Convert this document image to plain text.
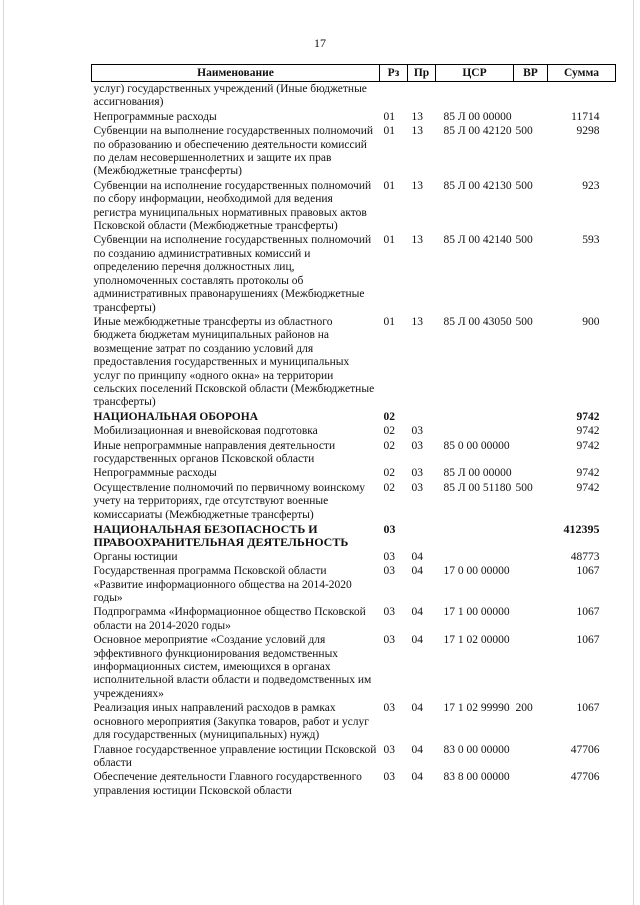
17
Наименование	Рз	Пр	ЦСР	ВР	Сумма
услуг) государственных учреждений (Иные бюджетные ассигнования)					
Непрограммные расходы	01	13	85 Л 00 00000		11714
Субвенции на выполнение государственных полномочий по образованию и обеспечению деятельности комиссий по делам несовершеннолетних и защите их прав (Межбюджетные трансферты)	01	13	85 Л 00 42120	500	9298
Субвенции на исполнение государственных полномочий по сбору информации, необходимой для ведения регистра муниципальных нормативных правовых актов Псковской области (Межбюджетные трансферты)	01	13	85 Л 00 42130	500	923
Субвенции на исполнение государственных полномочий по созданию административных комиссий и определению перечня должностных лиц, уполномоченных составлять протоколы об административных правонарушениях (Межбюджетные трансферты)	01	13	85 Л 00 42140	500	593
Иные межбюджетные трансферты из областного бюджета бюджетам муниципальных районов на возмещение затрат по созданию условий для предоставления государственных и муниципальных услуг по принципу «одного окна» на территории сельских поселений Псковской области (Межбюджетные трансферты)	01	13	85 Л 00 43050	500	900
НАЦИОНАЛЬНАЯ ОБОРОНА	02				9742
Мобилизационная и вневойсковая подготовка	02	03			9742
Иные непрограммные направления деятельности государственных органов Псковской области	02	03	85 0 00 00000		9742
Непрограммные расходы	02	03	85 Л 00 00000		9742
Осуществление полномочий по первичному воинскому учету на территориях, где отсутствуют военные комиссариаты (Межбюджетные трансферты)	02	03	85 Л 00 51180	500	9742
НАЦИОНАЛЬНАЯ БЕЗОПАСНОСТЬ И ПРАВООХРАНИТЕЛЬНАЯ ДЕЯТЕЛЬНОСТЬ	03				412395
Органы юстиции	03	04			48773
Государственная программа Псковской области «Развитие информационного общества на 2014-2020 годы»	03	04	17 0 00 00000		1067
Подпрограмма «Информационное общество Псковской области на 2014-2020 годы»	03	04	17 1 00 00000		1067
Основное мероприятие «Создание условий для эффективного функционирования ведомственных информационных систем, имеющихся в органах исполнительной власти области и подведомственных им учреждениях»	03	04	17 1 02 00000		1067
Реализация иных направлений расходов в рамках основного мероприятия (Закупка товаров, работ и услуг для государственных (муниципальных) нужд)	03	04	17 1 02 99990	200	1067
Главное государственное управление юстиции Псковской области	03	04	83 0 00 00000		47706
Обеспечение деятельности Главного государственного управления юстиции Псковской области	03	04	83 8 00 00000		47706
